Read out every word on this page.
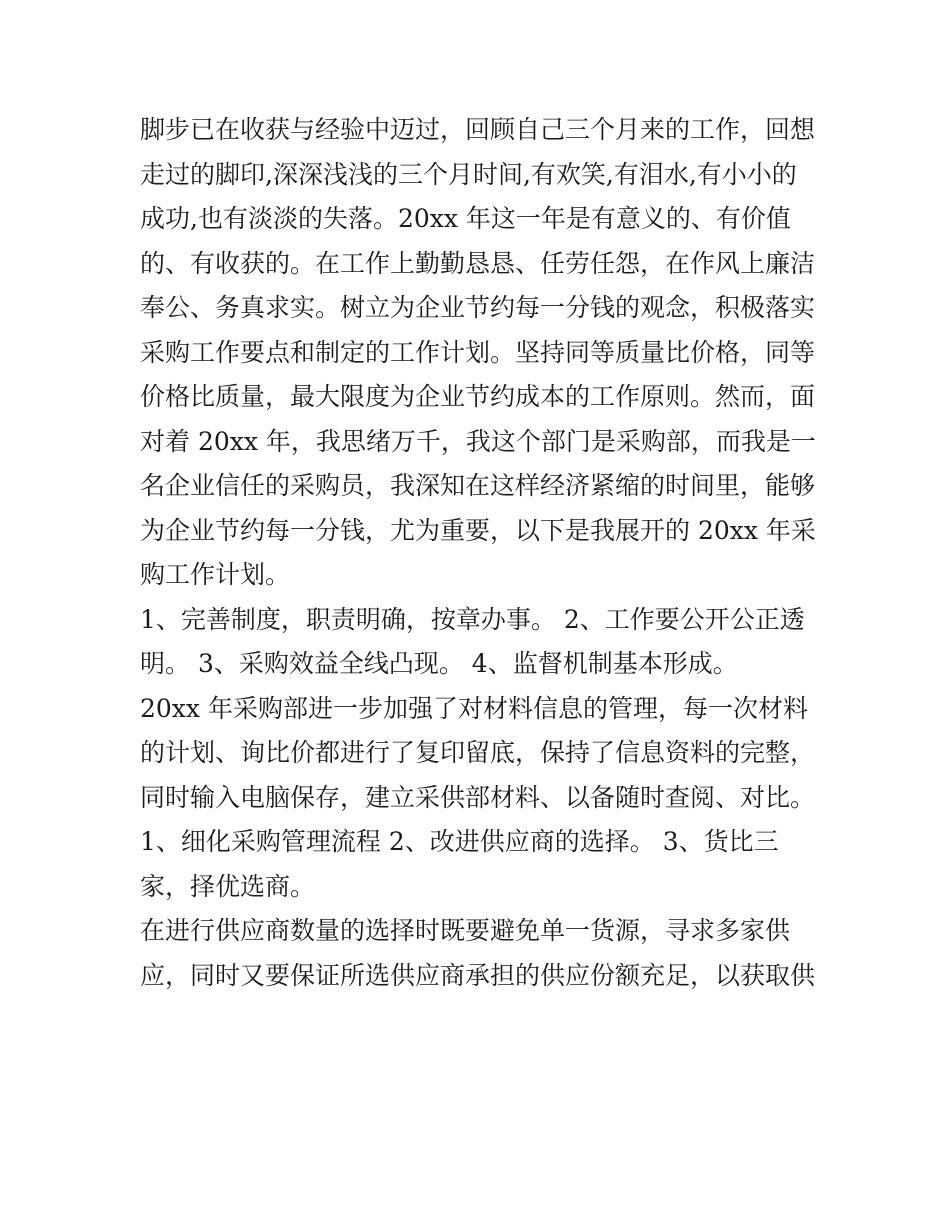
脚步已在收获与经验中迈过，回顾自己三个月来的工作，回想走过的脚印,深深浅浅的三个月时间,有欢笑,有泪水,有小小的成功,也有淡淡的失落。20xx 年这一年是有意义的、有价值的、有收获的。在工作上勤勤恳恳、任劳任怨，在作风上廉洁奉公、务真求实。树立为企业节约每一分钱的观念，积极落实采购工作要点和制定的工作计划。坚持同等质量比价格，同等价格比质量，最大限度为企业节约成本的工作原则。然而，面对着 20xx 年，我思绪万千，我这个部门是采购部，而我是一名企业信任的采购员，我深知在这样经济紧缩的时间里，能够为企业节约每一分钱，尤为重要，以下是我展开的 20xx 年采购工作计划。

1、完善制度，职责明确，按章办事。 2、工作要公开公正透明。 3、采购效益全线凸现。 4、监督机制基本形成。

20xx 年采购部进一步加强了对材料信息的管理，每一次材料的计划、询比价都进行了复印留底，保持了信息资料的完整，同时输入电脑保存，建立采供部材料、以备随时查阅、对比。

1、细化采购管理流程 2、改进供应商的选择。 3、货比三家，择优选商。

在进行供应商数量的选择时既要避免单一货源，寻求多家供应，同时又要保证所选供应商承担的供应份额充足，以获取供
